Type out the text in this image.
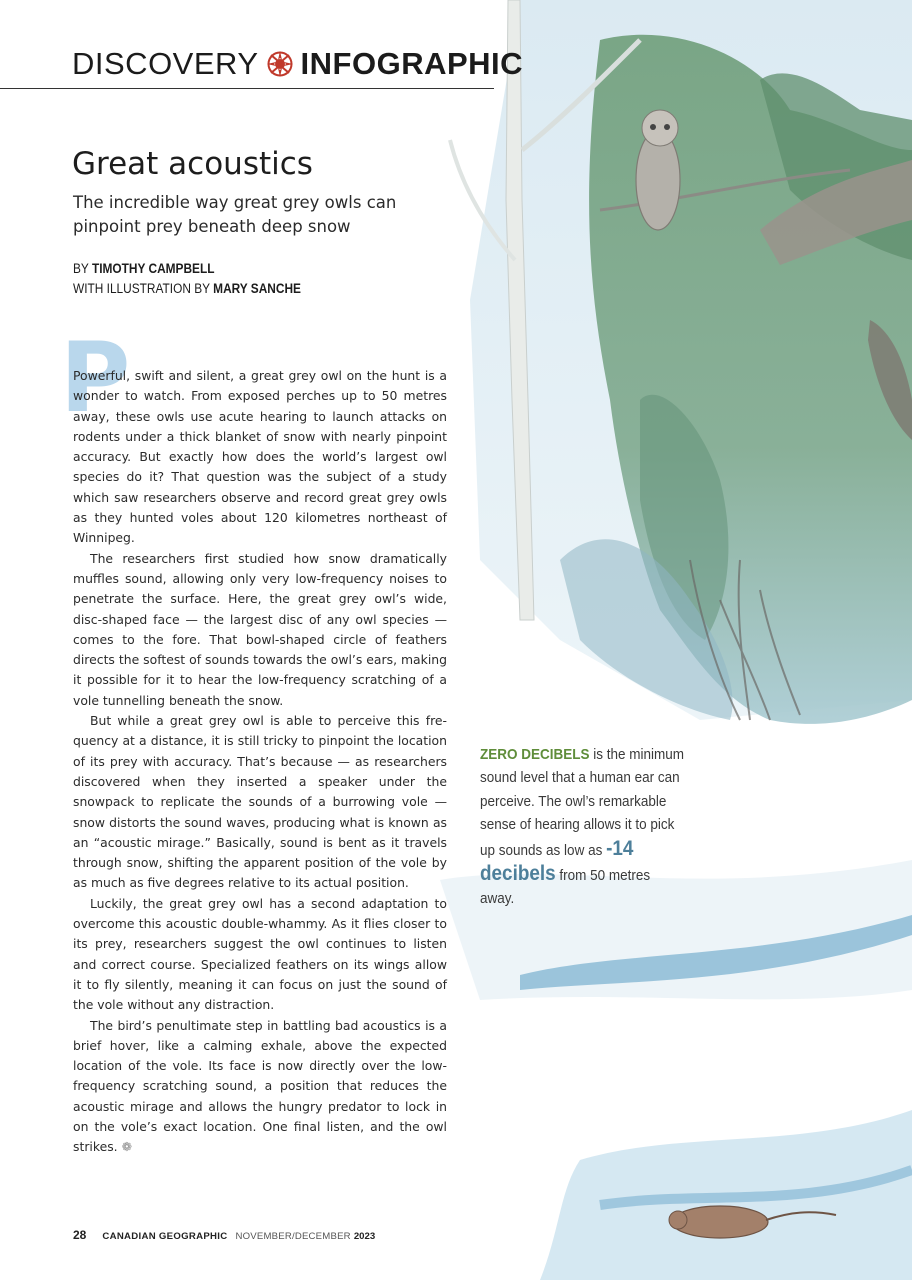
DISCOVERY INFOGRAPHIC
Great acoustics
The incredible way great grey owls can pinpoint prey beneath deep snow
BY TIMOTHY CAMPBELL
WITH ILLUSTRATION BY MARY SANCHE
P

Powerful, swift and silent, a great grey owl on the hunt is a wonder to watch. From exposed perches up to 50 metres away, these owls use acute hearing to launch attacks on rodents under a thick blanket of snow with nearly pinpoint accuracy. But exactly how does the world’s largest owl species do it? That question was the subject of a study which saw researchers observe and record great grey owls as they hunted voles about 120 kilometres northeast of Winnipeg.

The researchers first studied how snow dramatically muffles sound, allowing only very low-frequency noises to penetrate the surface. Here, the great grey owl’s wide, disc-shaped face — the largest disc of any owl species — comes to the fore. That bowl-shaped circle of feathers directs the softest of sounds towards the owl’s ears, making it possible for it to hear the low-frequency scratching of a vole tunnelling beneath the snow.

But while a great grey owl is able to perceive this frequency at a distance, it is still tricky to pinpoint the location of its prey with accuracy. That’s because — as researchers discovered when they inserted a speaker under the snowpack to replicate the sounds of a burrowing vole — snow distorts the sound waves, producing what is known as an “acoustic mirage.” Basically, sound is bent as it travels through snow, shifting the apparent position of the vole by as much as five degrees relative to its actual position.

Luckily, the great grey owl has a second adaptation to overcome this acoustic double-whammy. As it flies closer to its prey, researchers suggest the owl continues to listen and correct course. Specialized feathers on its wings allow it to fly silently, meaning it can focus on just the sound of the vole without any distraction.

The bird’s penultimate step in battling bad acoustics is a brief hover, like a calming exhale, above the expected location of the vole. Its face is now directly over the low-frequency scratching sound, a position that reduces the acoustic mirage and allows the hungry predator to lock in on the vole’s exact location. One final listen, and the owl strikes. ❁

ZERO DECIBELS is the minimum sound level that a human ear can perceive. The owl’s remarkable sense of hearing allows it to pick up sounds as low as -14 decibels from 50 metres away.
28 CANADIAN GEOGRAPHIC NOVEMBER/DECEMBER 2023
